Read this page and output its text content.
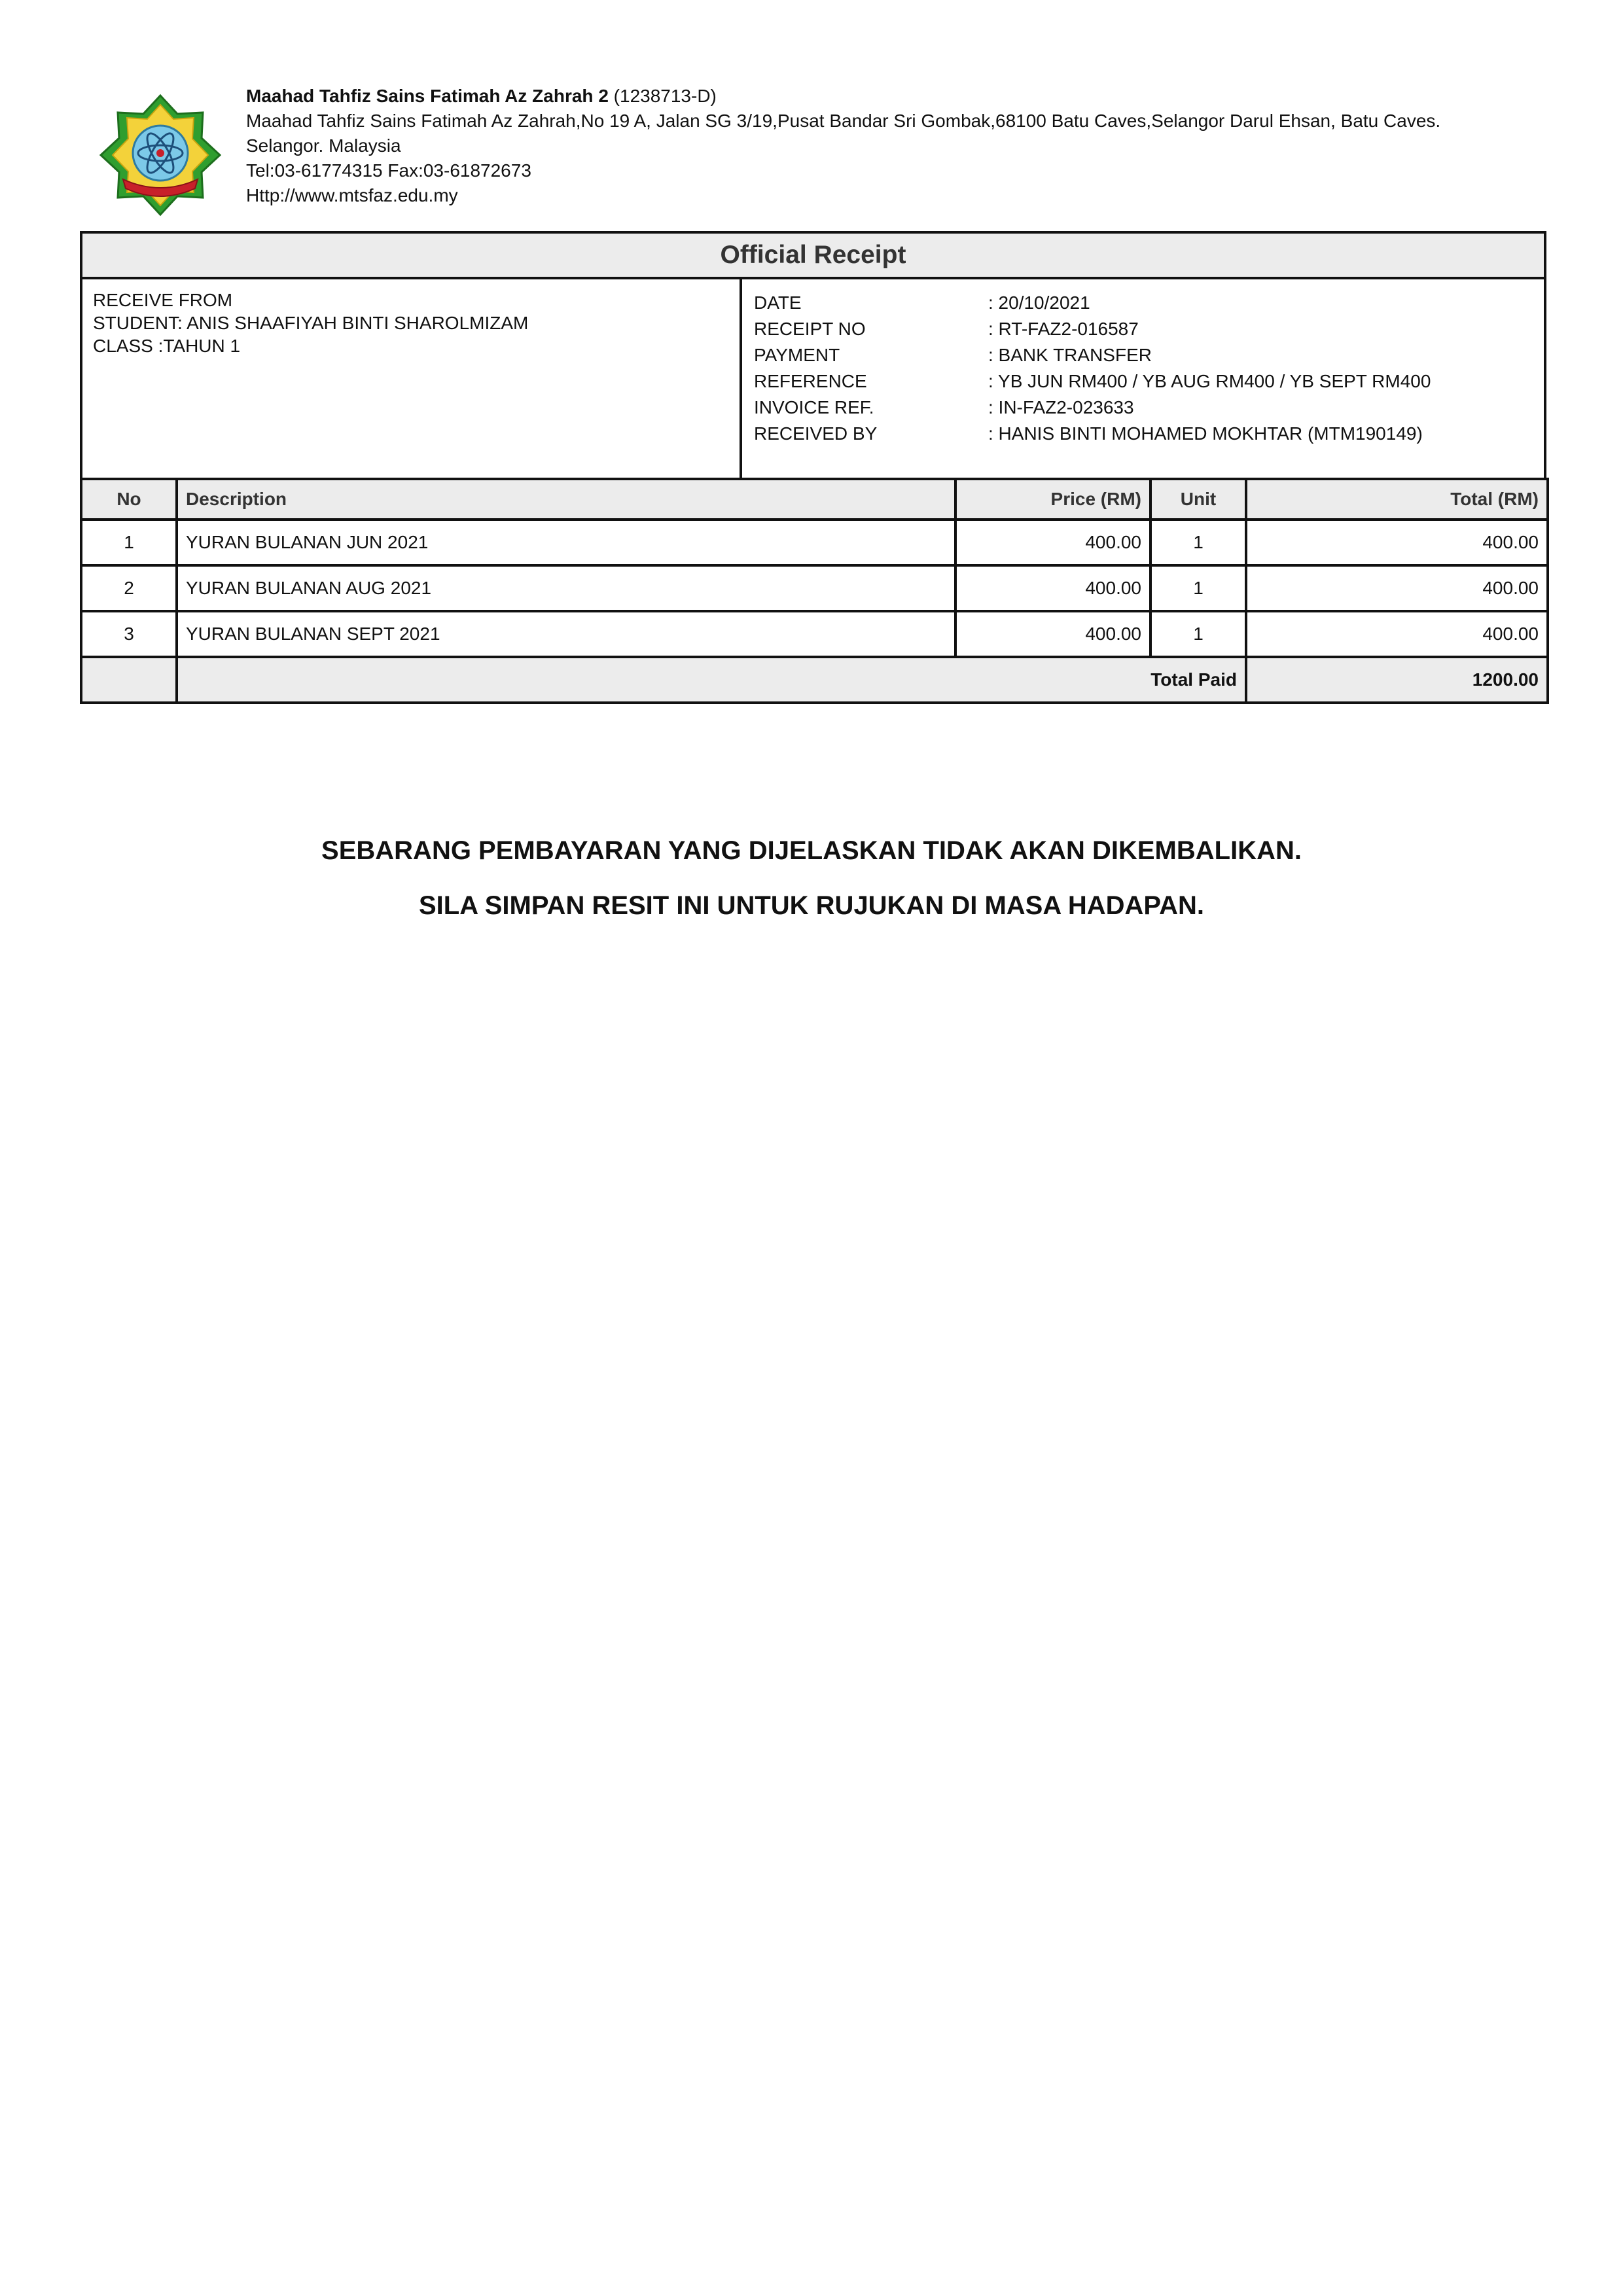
Maahad Tahfiz Sains Fatimah Az Zahrah 2 (1238713-D)
Maahad Tahfiz Sains Fatimah Az Zahrah,No 19 A, Jalan SG 3/19,Pusat Bandar Sri Gombak,68100 Batu Caves,Selangor Darul Ehsan, Batu Caves.
Selangor. Malaysia
Tel:03-61774315 Fax:03-61872673
Http://www.mtsfaz.edu.my
Official Receipt
RECEIVE FROM
STUDENT: ANIS SHAAFIYAH BINTI SHAROLMIZAM
CLASS :TAHUN 1
DATE	: 20/10/2021
RECEIPT NO	: RT-FAZ2-016587
PAYMENT	: BANK TRANSFER
REFERENCE	: YB JUN RM400 / YB AUG RM400 / YB SEPT RM400
INVOICE REF.	: IN-FAZ2-023633
RECEIVED BY	: HANIS BINTI MOHAMED MOKHTAR (MTM190149)
No	Description	Price (RM)	Unit	Total (RM)
1	YURAN BULANAN JUN 2021	400.00	1	400.00
2	YURAN BULANAN AUG 2021	400.00	1	400.00
3	YURAN BULANAN SEPT 2021	400.00	1	400.00
	Total Paid			1200.00
SEBARANG PEMBAYARAN YANG DIJELASKAN TIDAK AKAN DIKEMBALIKAN.
SILA SIMPAN RESIT INI UNTUK RUJUKAN DI MASA HADAPAN.
